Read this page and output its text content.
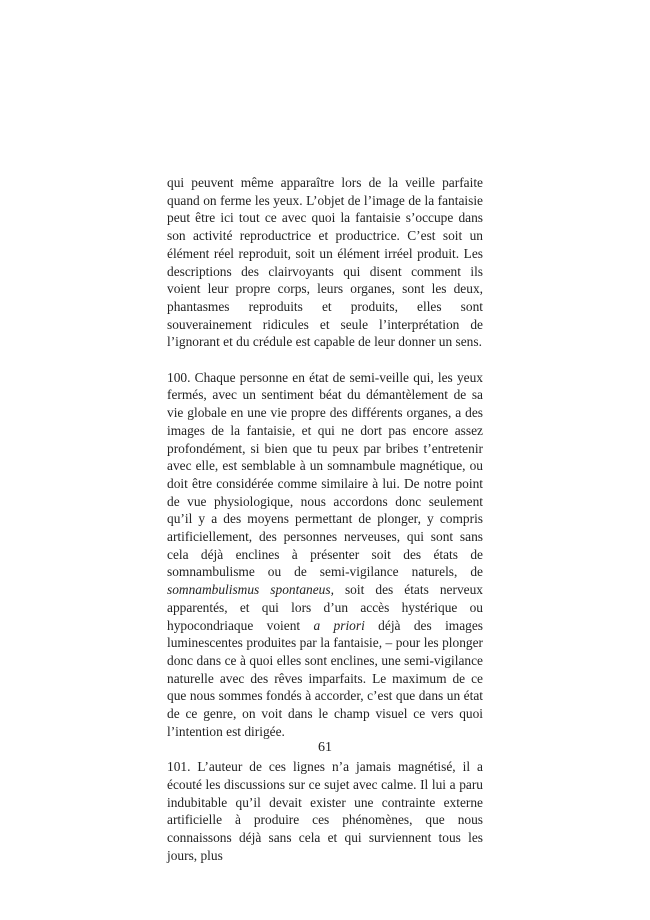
qui peuvent même apparaître lors de la veille parfaite quand on ferme les yeux. L’objet de l’image de la fantaisie peut être ici tout ce avec quoi la fantaisie s’occupe dans son activité reproductrice et productrice. C’est soit un élément réel reproduit, soit un élément irréel produit. Les descriptions des clairvoyants qui disent comment ils voient leur propre corps, leurs organes, sont les deux, phantasmes reproduits et produits, elles sont souverainement ridicules et seule l’interprétation de l’ignorant et du crédule est capable de leur donner un sens.

100. Chaque personne en état de semi-veille qui, les yeux fermés, avec un sentiment béat du démantèlement de sa vie globale en une vie propre des différents organes, a des images de la fantaisie, et qui ne dort pas encore assez profondément, si bien que tu peux par bribes t’entretenir avec elle, est semblable à un somnambule magnétique, ou doit être considérée comme similaire à lui. De notre point de vue physiologique, nous accordons donc seulement qu’il y a des moyens permettant de plonger, y compris artificiellement, des personnes nerveuses, qui sont sans cela déjà enclines à présenter soit des états de somnambulisme ou de semi-vigilance naturels, de somnambulismus spontaneus, soit des états nerveux apparentés, et qui lors d’un accès hystérique ou hypocondriaque voient a priori déjà des images luminescentes produites par la fantaisie, – pour les plonger donc dans ce à quoi elles sont enclines, une semi-vigilance naturelle avec des rêves imparfaits. Le maximum de ce que nous sommes fondés à accorder, c’est que dans un état de ce genre, on voit dans le champ visuel ce vers quoi l’intention est dirigée.

101. L’auteur de ces lignes n’a jamais magnétisé, il a écouté les discussions sur ce sujet avec calme. Il lui a paru indubitable qu’il devait exister une contrainte externe artificielle à produire ces phénomènes, que nous connaissons déjà sans cela et qui surviennent tous les jours, plus

61
